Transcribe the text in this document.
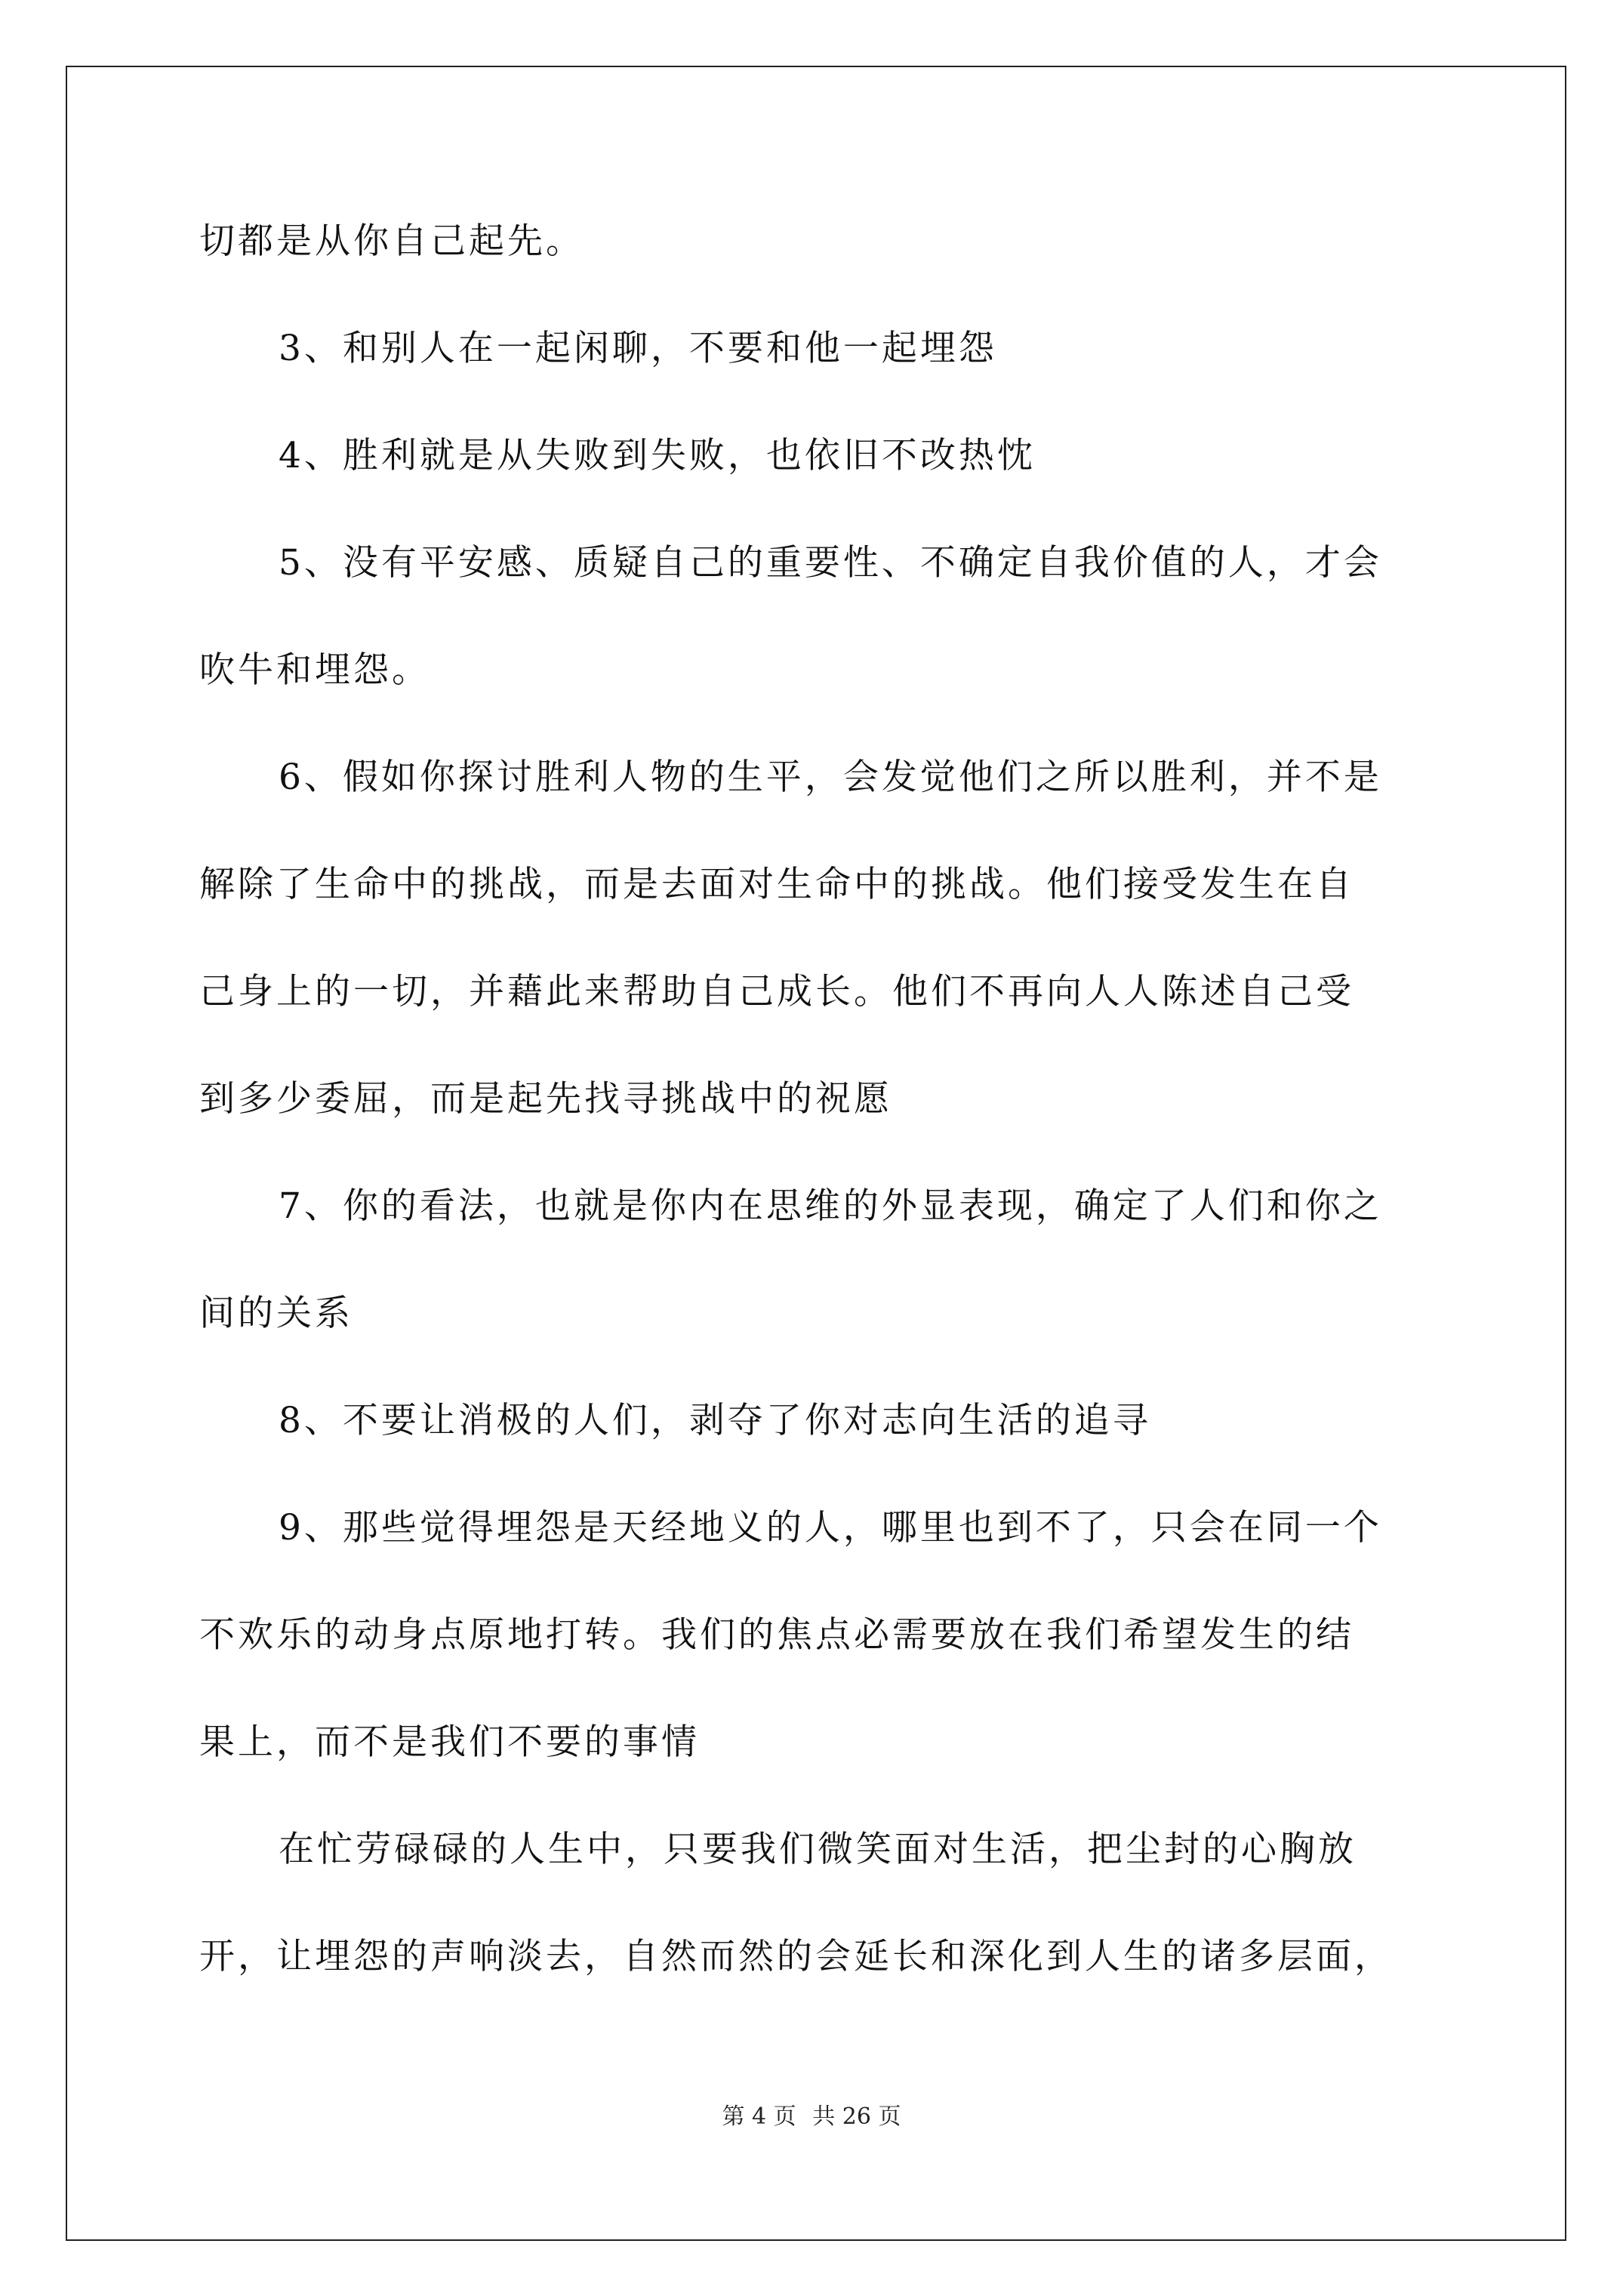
切都是从你自己起先。
3、和别人在一起闲聊，不要和他一起埋怨
4、胜利就是从失败到失败，也依旧不改热忱
5、没有平安感、质疑自己的重要性、不确定自我价值的人，才会
吹牛和埋怨。
6、假如你探讨胜利人物的生平，会发觉他们之所以胜利，并不是
解除了生命中的挑战，而是去面对生命中的挑战。他们接受发生在自
己身上的一切，并藉此来帮助自己成长。他们不再向人人陈述自己受
到多少委屈，而是起先找寻挑战中的祝愿
7、你的看法，也就是你内在思维的外显表现，确定了人们和你之
间的关系
8、不要让消极的人们，剥夺了你对志向生活的追寻
9、那些觉得埋怨是天经地义的人，哪里也到不了，只会在同一个
不欢乐的动身点原地打转。我们的焦点必需要放在我们希望发生的结
果上，而不是我们不要的事情
在忙劳碌碌的人生中，只要我们微笑面对生活，把尘封的心胸放
开，让埋怨的声响淡去，自然而然的会延长和深化到人生的诸多层面，
第 4 页 共 26 页
